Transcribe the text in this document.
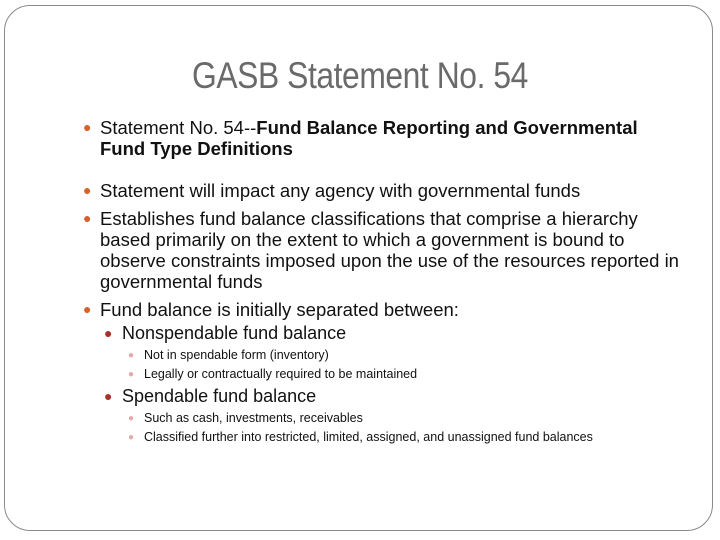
GASB Statement No. 54
● Statement No. 54--Fund Balance Reporting and Governmental Fund Type Definitions
● Statement will impact any agency with governmental funds
● Establishes fund balance classifications that comprise a hierarchy based primarily on the extent to which a government is bound to observe constraints imposed upon the use of the resources reported in governmental funds
● Fund balance is initially separated between:
● Nonspendable fund balance
● Not in spendable form (inventory)
● Legally or contractually required to be maintained
● Spendable fund balance
● Such as cash, investments, receivables
● Classified further into restricted, limited, assigned, and unassigned fund balances
